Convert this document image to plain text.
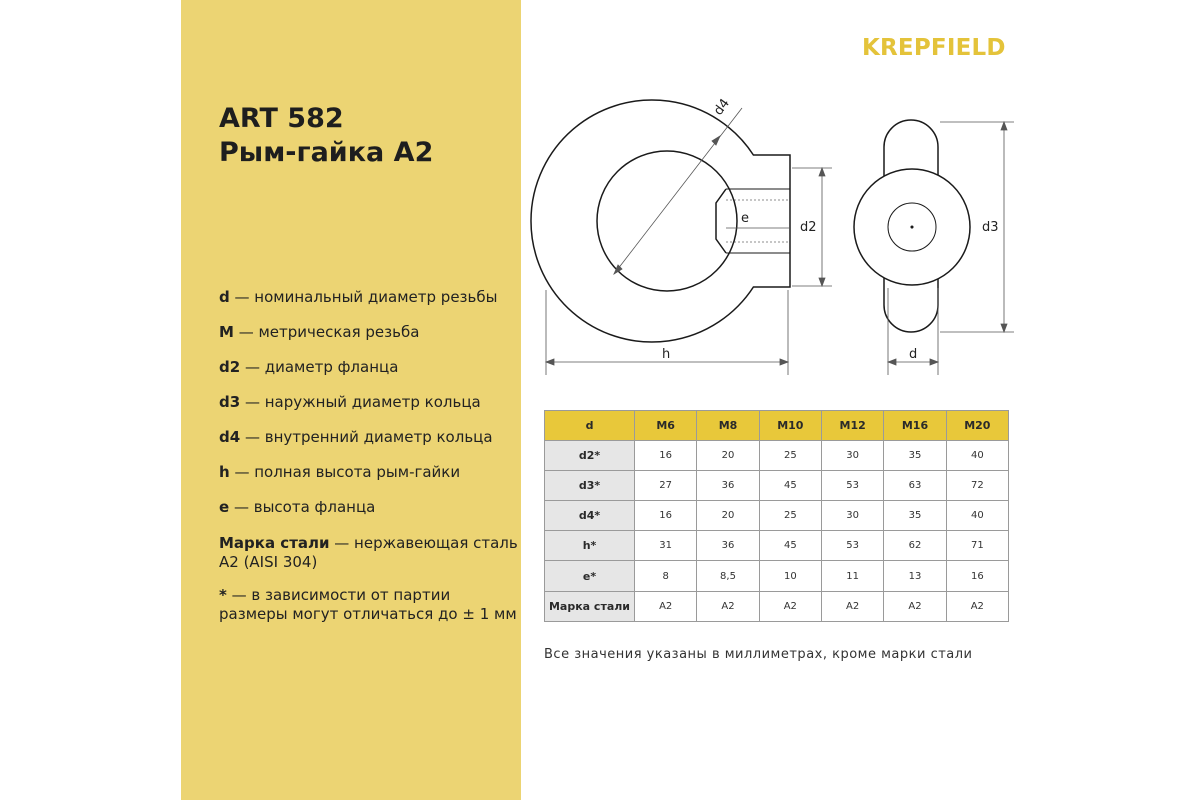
ART 582
Рым-гайка А2
d — номинальный диаметр резьбы
M — метрическая резьба
d2 — диаметр фланца
d3 — наружный диаметр кольца
d4 — внутренний диаметр кольца
h — полная высота рым-гайки
e — высота фланца
Марка стали — нержавеющая сталь А2 (AISI 304)
* — в зависимости от партии размеры могут отличаться до ± 1 мм
KREPFIELD
d4
e
d2
h
d3
d
d	M6	M8	M10	M12	M16	M20
d2*	16	20	25	30	35	40
d3*	27	36	45	53	63	72
d4*	16	20	25	30	35	40
h*	31	36	45	53	62	71
e*	8	8,5	10	11	13	16
Марка стали	А2	А2	А2	А2	А2	А2
Все значения указаны в миллиметрах, кроме марки стали
